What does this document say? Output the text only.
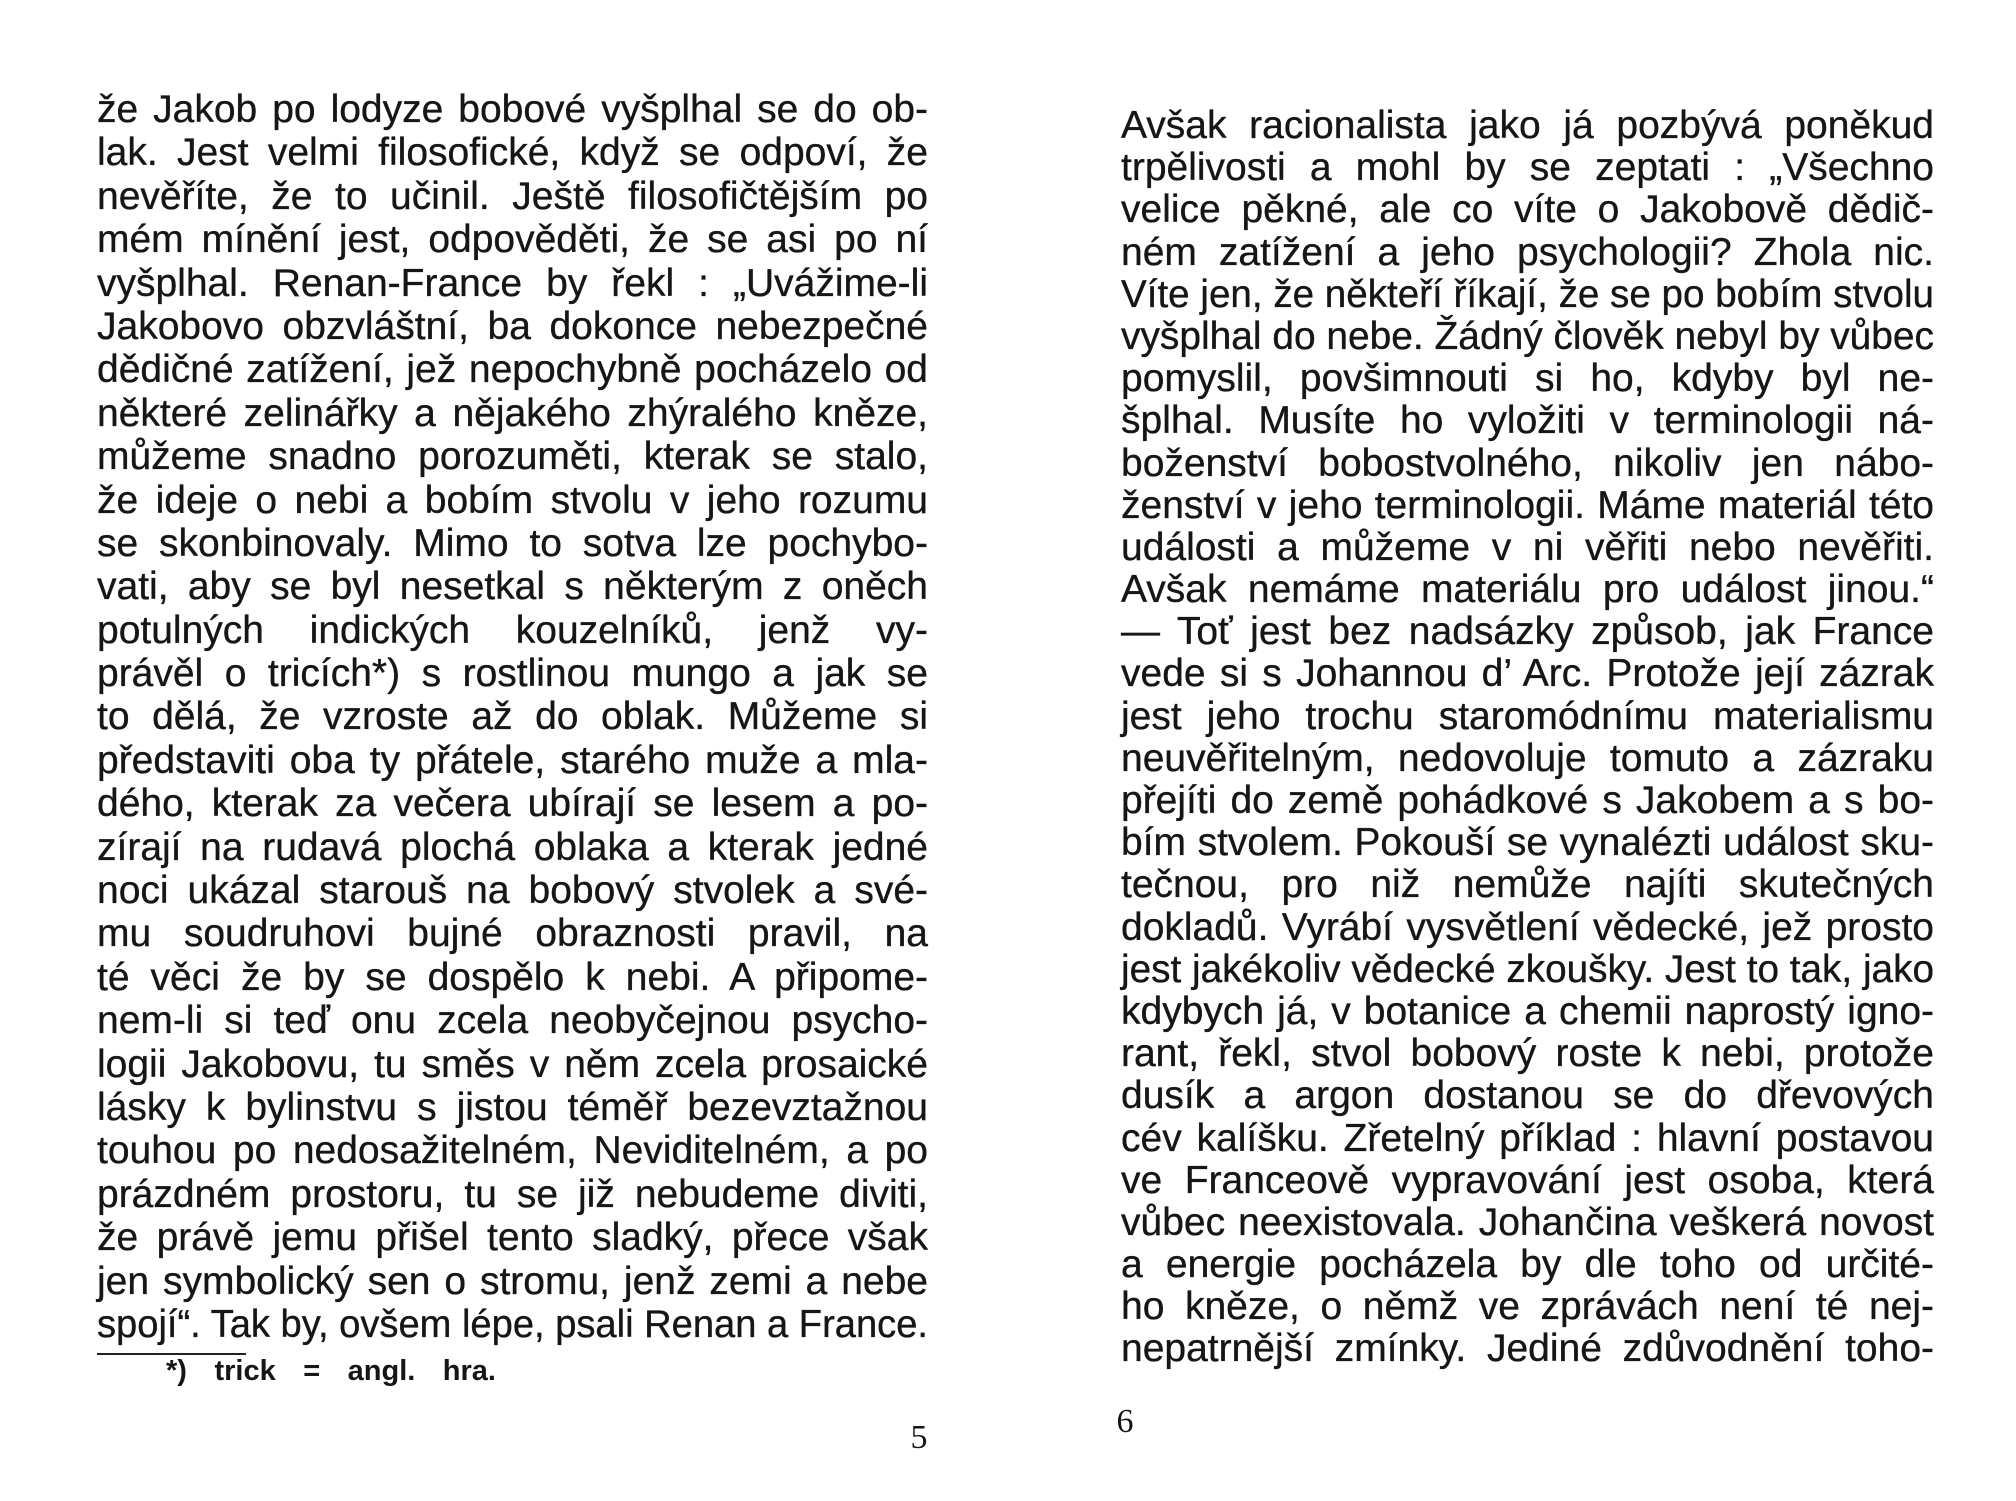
že Jakob po lodyze bobové vyšplhal se do ob-
lak. Jest velmi filosofické, když se odpoví, že
nevěříte, že to učinil. Ještě filosofičtějším po
mém mínění jest, odpověděti, že se asi po ní
vyšplhal. Renan-France by řekl : „Uvážime-li
Jakobovo obzvláštní, ba dokonce nebezpečné
dědičné zatížení, jež nepochybně pocházelo od
některé zelinářky a nějakého zhýralého kněze,
můžeme snadno porozuměti, kterak se stalo,
že ideje o nebi a bobím stvolu v jeho rozumu
se skonbinovaly. Mimo to sotva lze pochybo-
vati, aby se byl nesetkal s některým z oněch
potulných indických kouzelníků, jenž vy-
právěl o tricích*) s rostlinou mungo a jak se
to dělá, že vzroste až do oblak. Můžeme si
představiti oba ty přátele, starého muže a mla-
dého, kterak za večera ubírají se lesem a po-
zírají na rudavá plochá oblaka a kterak jedné
noci ukázal starouš na bobový stvolek a své-
mu soudruhovi bujné obraznosti pravil, na
té věci že by se dospělo k nebi. A připome-
nem-li si teď onu zcela neobyčejnou psycho-
logii Jakobovu, tu směs v něm zcela prosaické
lásky k bylinstvu s jistou téměř bezevztažnou
touhou po nedosažitelném, Neviditelném, a po
prázdném prostoru, tu se již nebudeme diviti,
že právě jemu přišel tento sladký, přece však
jen symbolický sen o stromu, jenž zemi a nebe
spojí“. Tak by, ovšem lépe, psali Renan a France.
*) trick = angl. hra.
5
Avšak racionalista jako já pozbývá poněkud
trpělivosti a mohl by se zeptati : „Všechno
velice pěkné, ale co víte o Jakobově dědič-
ném zatížení a jeho psychologii? Zhola nic.
Víte jen, že někteří říkají, že se po bobím stvolu
vyšplhal do nebe. Žádný člověk nebyl by vůbec
pomyslil, povšimnouti si ho, kdyby byl ne-
šplhal. Musíte ho vyložiti v terminologii ná-
boženství bobostvolného, nikoliv jen nábo-
ženství v jeho terminologii. Máme materiál této
události a můžeme v ni věřiti nebo nevěřiti.
Avšak nemáme materiálu pro událost jinou.“
— Toť jest bez nadsázky způsob, jak France
vede si s Johannou d’ Arc. Protože její zázrak
jest jeho trochu staromódnímu materialismu
neuvěřitelným, nedovoluje tomuto a zázraku
přejíti do země pohádkové s Jakobem a s bo-
bím stvolem. Pokouší se vynalézti událost sku-
tečnou, pro niž nemůže najíti skutečných
dokladů. Vyrábí vysvětlení vědecké, jež prosto
jest jakékoliv vědecké zkoušky. Jest to tak, jako
kdybych já, v botanice a chemii naprostý igno-
rant, řekl, stvol bobový roste k nebi, protože
dusík a argon dostanou se do dřevových
cév kalíšku. Zřetelný příklad : hlavní postavou
ve Franceově vypravování jest osoba, která
vůbec neexistovala. Johančina veškerá novost
a energie pocházela by dle toho od určité-
ho kněze, o němž ve zprávách není té nej-
nepatrnější zmínky. Jediné zdůvodnění toho-
6
